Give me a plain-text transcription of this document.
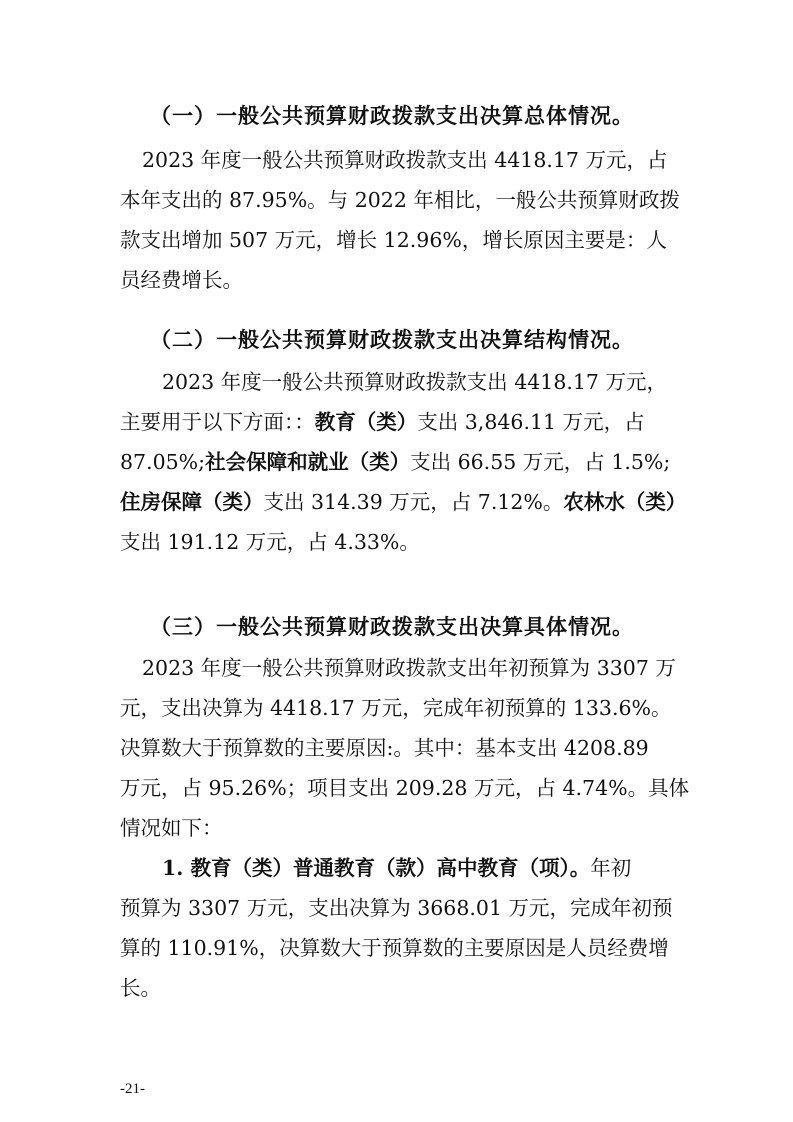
（一）一般公共预算财政拨款支出决算总体情况。
2023 年度一般公共预算财政拨款支出 4418.17 万元，占
本年支出的 87.95%。与 2022 年相比，一般公共预算财政拨
款支出增加 507 万元，增长 12.96%，增长原因主要是：人
员经费增长。
（二）一般公共预算财政拨款支出决算结构情况。
2023 年度一般公共预算财政拨款支出 4418.17 万元，
主要用于以下方面：：教育（类）支出 3,846.11 万元，占
87.05%;社会保障和就业（类）支出 66.55 万元，占 1.5%;
住房保障（类）支出 314.39 万元，占 7.12%。农林水（类）
支出 191.12 万元，占 4.33%。
（三）一般公共预算财政拨款支出决算具体情况。
2023 年度一般公共预算财政拨款支出年初预算为 3307 万
元，支出决算为 4418.17 万元，完成年初预算的 133.6%。
决算数大于预算数的主要原因:。其中：基本支出 4208.89
万元，占 95.26%；项目支出 209.28 万元，占 4.74%。具体
情况如下：
1. 教育（类）普通教育（款）高中教育（项）。年初
预算为 3307 万元，支出决算为 3668.01 万元，完成年初预
算的 110.91%，决算数大于预算数的主要原因是人员经费增
长。
-21-
